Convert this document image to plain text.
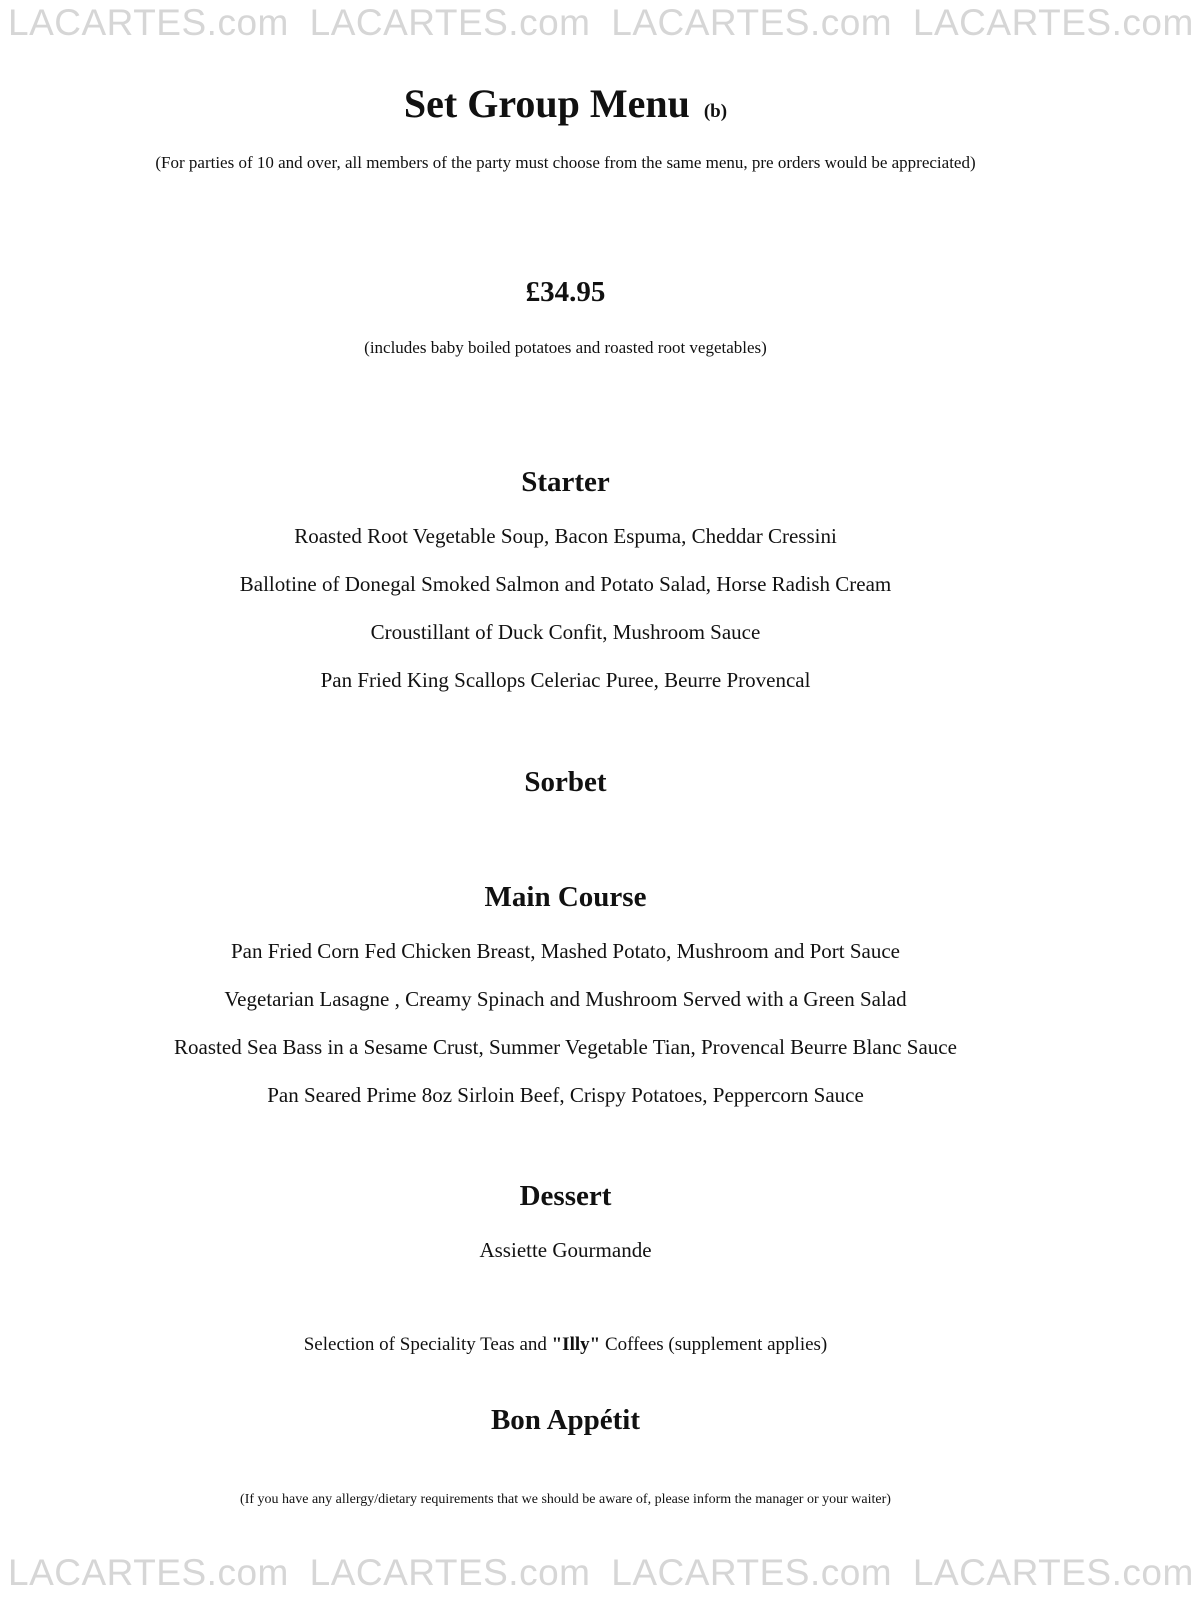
LACARTES.com LACARTES.com LACARTES.com LACARTES.com
Set Group Menu (b)
(For parties of 10 and over, all members of the party must choose from the same menu, pre orders would be appreciated)
£34.95
(includes baby boiled potatoes and roasted root vegetables)
Starter
Roasted Root Vegetable Soup, Bacon Espuma, Cheddar Cressini
Ballotine of Donegal Smoked Salmon and Potato Salad, Horse Radish Cream
Croustillant of Duck Confit, Mushroom Sauce
Pan Fried King Scallops Celeriac Puree, Beurre Provencal
Sorbet
Main Course
Pan Fried Corn Fed Chicken Breast, Mashed Potato, Mushroom and Port Sauce
Vegetarian Lasagne , Creamy Spinach and Mushroom Served with a Green Salad
Roasted Sea Bass in a Sesame Crust, Summer Vegetable Tian, Provencal Beurre Blanc Sauce
Pan Seared Prime 8oz Sirloin Beef, Crispy Potatoes, Peppercorn Sauce
Dessert
Assiette Gourmande
Selection of Speciality Teas and "Illy" Coffees (supplement applies)
Bon Appétit
(If you have any allergy/dietary requirements that we should be aware of, please inform the manager or your waiter)
LACARTES.com LACARTES.com LACARTES.com LACARTES.com
